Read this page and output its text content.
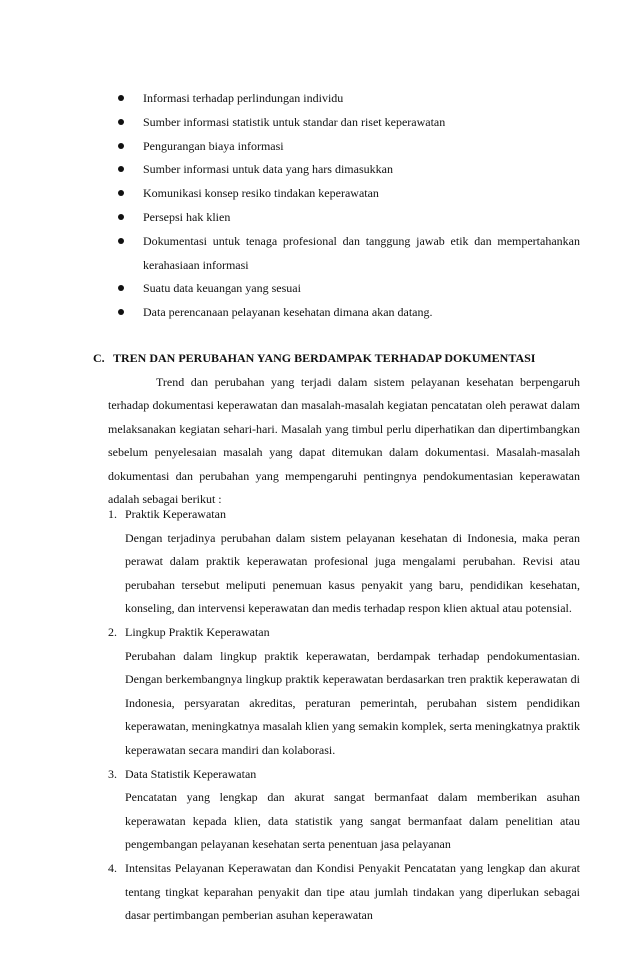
Informasi terhadap perlindungan individu
Sumber informasi statistik untuk standar dan riset keperawatan
Pengurangan biaya informasi
Sumber informasi untuk data yang hars dimasukkan
Komunikasi konsep resiko tindakan keperawatan
Persepsi hak klien
Dokumentasi untuk tenaga profesional dan tanggung jawab etik dan mempertahankan kerahasiaan informasi
Suatu data keuangan yang sesuai
Data perencanaan pelayanan kesehatan dimana akan datang.
C. TREN DAN PERUBAHAN YANG BERDAMPAK TERHADAP DOKUMENTASI
Trend dan perubahan yang terjadi dalam sistem pelayanan kesehatan berpengaruh terhadap dokumentasi keperawatan dan masalah-masalah kegiatan pencatatan oleh perawat dalam melaksanakan kegiatan sehari-hari. Masalah yang timbul perlu diperhatikan dan dipertimbangkan sebelum penyelesaian masalah yang dapat ditemukan dalam dokumentasi. Masalah-masalah dokumentasi dan perubahan yang mempengaruhi pentingnya pendokumentasian keperawatan adalah sebagai berikut :
1. Praktik Keperawatan
Dengan terjadinya perubahan dalam sistem pelayanan kesehatan di Indonesia, maka peran perawat dalam praktik keperawatan profesional juga mengalami perubahan. Revisi atau perubahan tersebut meliputi penemuan kasus penyakit yang baru, pendidikan kesehatan, konseling, dan intervensi keperawatan dan medis terhadap respon klien aktual atau potensial.
2. Lingkup Praktik Keperawatan
Perubahan dalam lingkup praktik keperawatan, berdampak terhadap pendokumentasian. Dengan berkembangnya lingkup praktik keperawatan berdasarkan tren praktik keperawatan di Indonesia, persyaratan akreditas, peraturan pemerintah, perubahan sistem pendidikan keperawatan, meningkatnya masalah klien yang semakin komplek, serta meningkatnya praktik keperawatan secara mandiri dan kolaborasi.
3. Data Statistik Keperawatan
Pencatatan yang lengkap dan akurat sangat bermanfaat dalam memberikan asuhan keperawatan kepada klien, data statistik yang sangat bermanfaat dalam penelitian atau pengembangan pelayanan kesehatan serta penentuan jasa pelayanan
4. Intensitas Pelayanan Keperawatan dan Kondisi Penyakit Pencatatan yang lengkap dan akurat tentang tingkat keparahan penyakit dan tipe atau jumlah tindakan yang diperlukan sebagai dasar pertimbangan pemberian asuhan keperawatan
